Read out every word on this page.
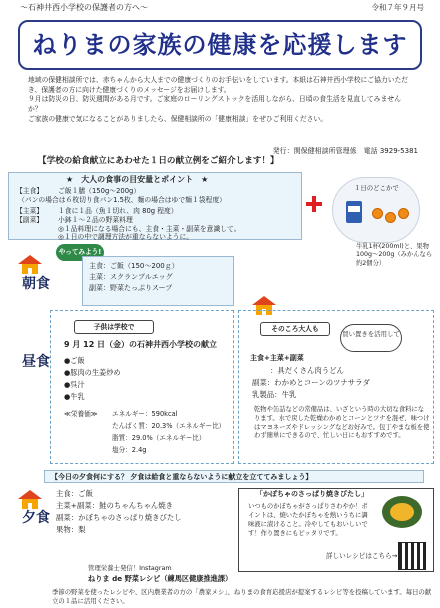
～石神井西小学校の保護者の方へ～	令和７年９月号
ねりまの家族の健康を応援します

地域の保健相談所では、赤ちゃんから大人までの健康づくりのお手伝いをしています。本紙は石神井西小学校にご協力いただき、保護者の方に向けた健康づくりのメッセージをお届けします。

９月は防災の日、防災週間がある月です。ご家庭のローリングストックを活用しながら、日頃の食生活を見直してみませんか？

ご家族の健康で気になることがありましたら、保健相談所の「健康相談」をぜひご利用ください。

発行：関保健相談所管理係　電話 3929-5381
【学校の給食献立にあわせた１日の献立例をご紹介します！】
★　大人の食事の目安量とポイント　★
【主食】 ご飯１膳（150g〜200g）
（パンの場合は６枚切り食パン1.5枚、麺の場合はゆで麺１袋程度）
【主菜】 １食に１品（魚１切れ、肉 80g 程度）
【副菜】 小鉢１〜２品の野菜料理
◎１品料理になる場合にも、主食・主菜・副菜を意識して。
◎１日の中で調理方法が重ならないように。
やってみよう!
１日のどこかで
牛乳1杯(200ml)と、果物 100g〜200g（みかんなら約2個分）
朝食
主食：ご飯（150〜200ｇ）
主菜：スクランブルエッグ
副菜：野菜たっぷりスープ
昼食
子供は学校で
9 月 12 日（金）の石神井西小学校の献立
●ご飯
●豚肉の生姜炒め
●呉汁
●牛乳
≪栄養価≫ エネルギー：590kcal
たんぱく質：20.3%（エネルギー比）
脂質：29.0%（エネルギー比）
塩分：2.4g
そのころ大人も
買い置きを活用して
主食+主菜+副菜
：具だくさん肉うどん
副菜：わかめとコーンのツナサラダ
乳製品：牛乳
乾物や缶詰などの常備品は、いざという時の大切な食料になります。水で戻した乾燥わかめとコーンとツナを混ぜ、味つけはマヨネーズやドレッシングなどお好みで。包丁やまな板を使わず簡単にできるので、忙しい日にもおすすめです。
【今日の夕食何にする？ 夕食は給食と重ならないように献立を立ててみましょう】
夕食
主食：ご飯
主菜+副菜：鮭のちゃんちゃん焼き
副菜：かぼちゃのさっぱり焼きびたし
果物：梨
「かぼちゃのさっぱり焼きびたし」
いつものかぼちゃがさっぱりさわやか！ポイントは、焼いたかぼちゃを熱いうちに調味液に漬けること。冷やしてもおいしいです！作り置きにもピッタリです。
詳しいレシピはこちら→
管理栄養士発信！Instagram
ねりま de 野菜レシピ（練馬区健康推進課）
季節の野菜を使ったレシピや、区内農業者の方の「農家メシ」、ねりまの食育応援店が提案するレシピ等を投稿しています。毎日の献立の１品に活用ください。
